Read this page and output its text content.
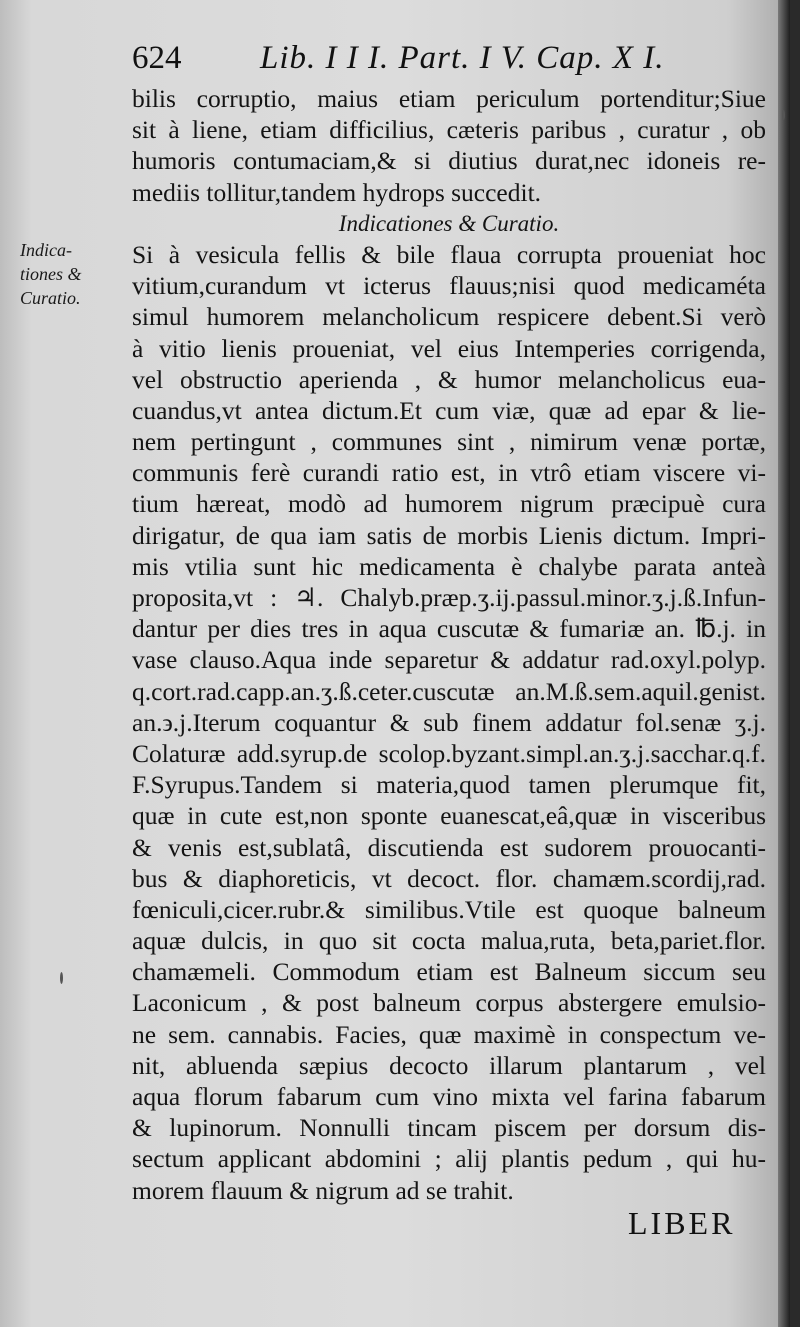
624 Lib. I I I. Part. I V. Cap. X I.
Indica-
tiones &
Curatio.
bilis corruptio, maius etiam periculum portenditur;Siue
sit à liene, etiam difficilius, cæteris paribus , curatur , ob
humoris contumaciam,& si diutius durat,nec idoneis re-
mediis tollitur,tandem hydrops succedit.
Indicationes & Curatio.
Si à vesicula fellis & bile flaua corrupta proueniat hoc
vitium,curandum vt icterus flauus;nisi quod medicaméta
simul humorem melancholicum respicere debent.Si verò
à vitio lienis proueniat, vel eius Intemperies corrigenda,
vel obstructio aperienda , & humor melancholicus eua-
cuandus,vt antea dictum.Et cum viæ, quæ ad epar & lie-
nem pertingunt , communes sint , nimirum venæ portæ,
communis ferè curandi ratio est, in vtrô etiam viscere vi-
tium hæreat, modò ad humorem nigrum præcipuè cura
dirigatur, de qua iam satis de morbis Lienis dictum. Impri-
mis vtilia sunt hic medicamenta è chalybe parata anteà
proposita,vt : ♃. Chalyb.præp.ʒ.ij.passul.minor.ʒ.j.ß.Infun-
dantur per dies tres in aqua cuscutæ & fumariæ an. ℔.j. in
vase clauso.Aqua inde separetur & addatur rad.oxyl.polyp.
q.cort.rad.capp.an.ʒ.ß.ceter.cuscutæ an.M.ß.sem.aquil.genist.
an.϶.j.Iterum coquantur & sub finem addatur fol.senæ ʒ.j.
Colaturæ add.syrup.de scolop.byzant.simpl.an.ʒ.j.sacchar.q.f.
F.Syrupus.Tandem si materia,quod tamen plerumque fit,
quæ in cute est,non sponte euanescat,eâ,quæ in visceribus
& venis est,sublatâ, discutienda est sudorem prouocanti-
bus & diaphoreticis, vt decoct. flor. chamæm.scordij,rad.
fœniculi,cicer.rubr.& similibus.Vtile est quoque balneum
aquæ dulcis, in quo sit cocta malua,ruta, beta,pariet.flor.
chamæmeli. Commodum etiam est Balneum siccum seu
Laconicum , & post balneum corpus abstergere emulsio-
ne sem. cannabis. Facies, quæ maximè in conspectum ve-
nit, abluenda sæpius decocto illarum plantarum , vel
aqua florum fabarum cum vino mixta vel farina fabarum
& lupinorum. Nonnulli tincam piscem per dorsum dis-
sectum applicant abdomini ; alij plantis pedum , qui hu-
morem flauum & nigrum ad se trahit.
LIBER
